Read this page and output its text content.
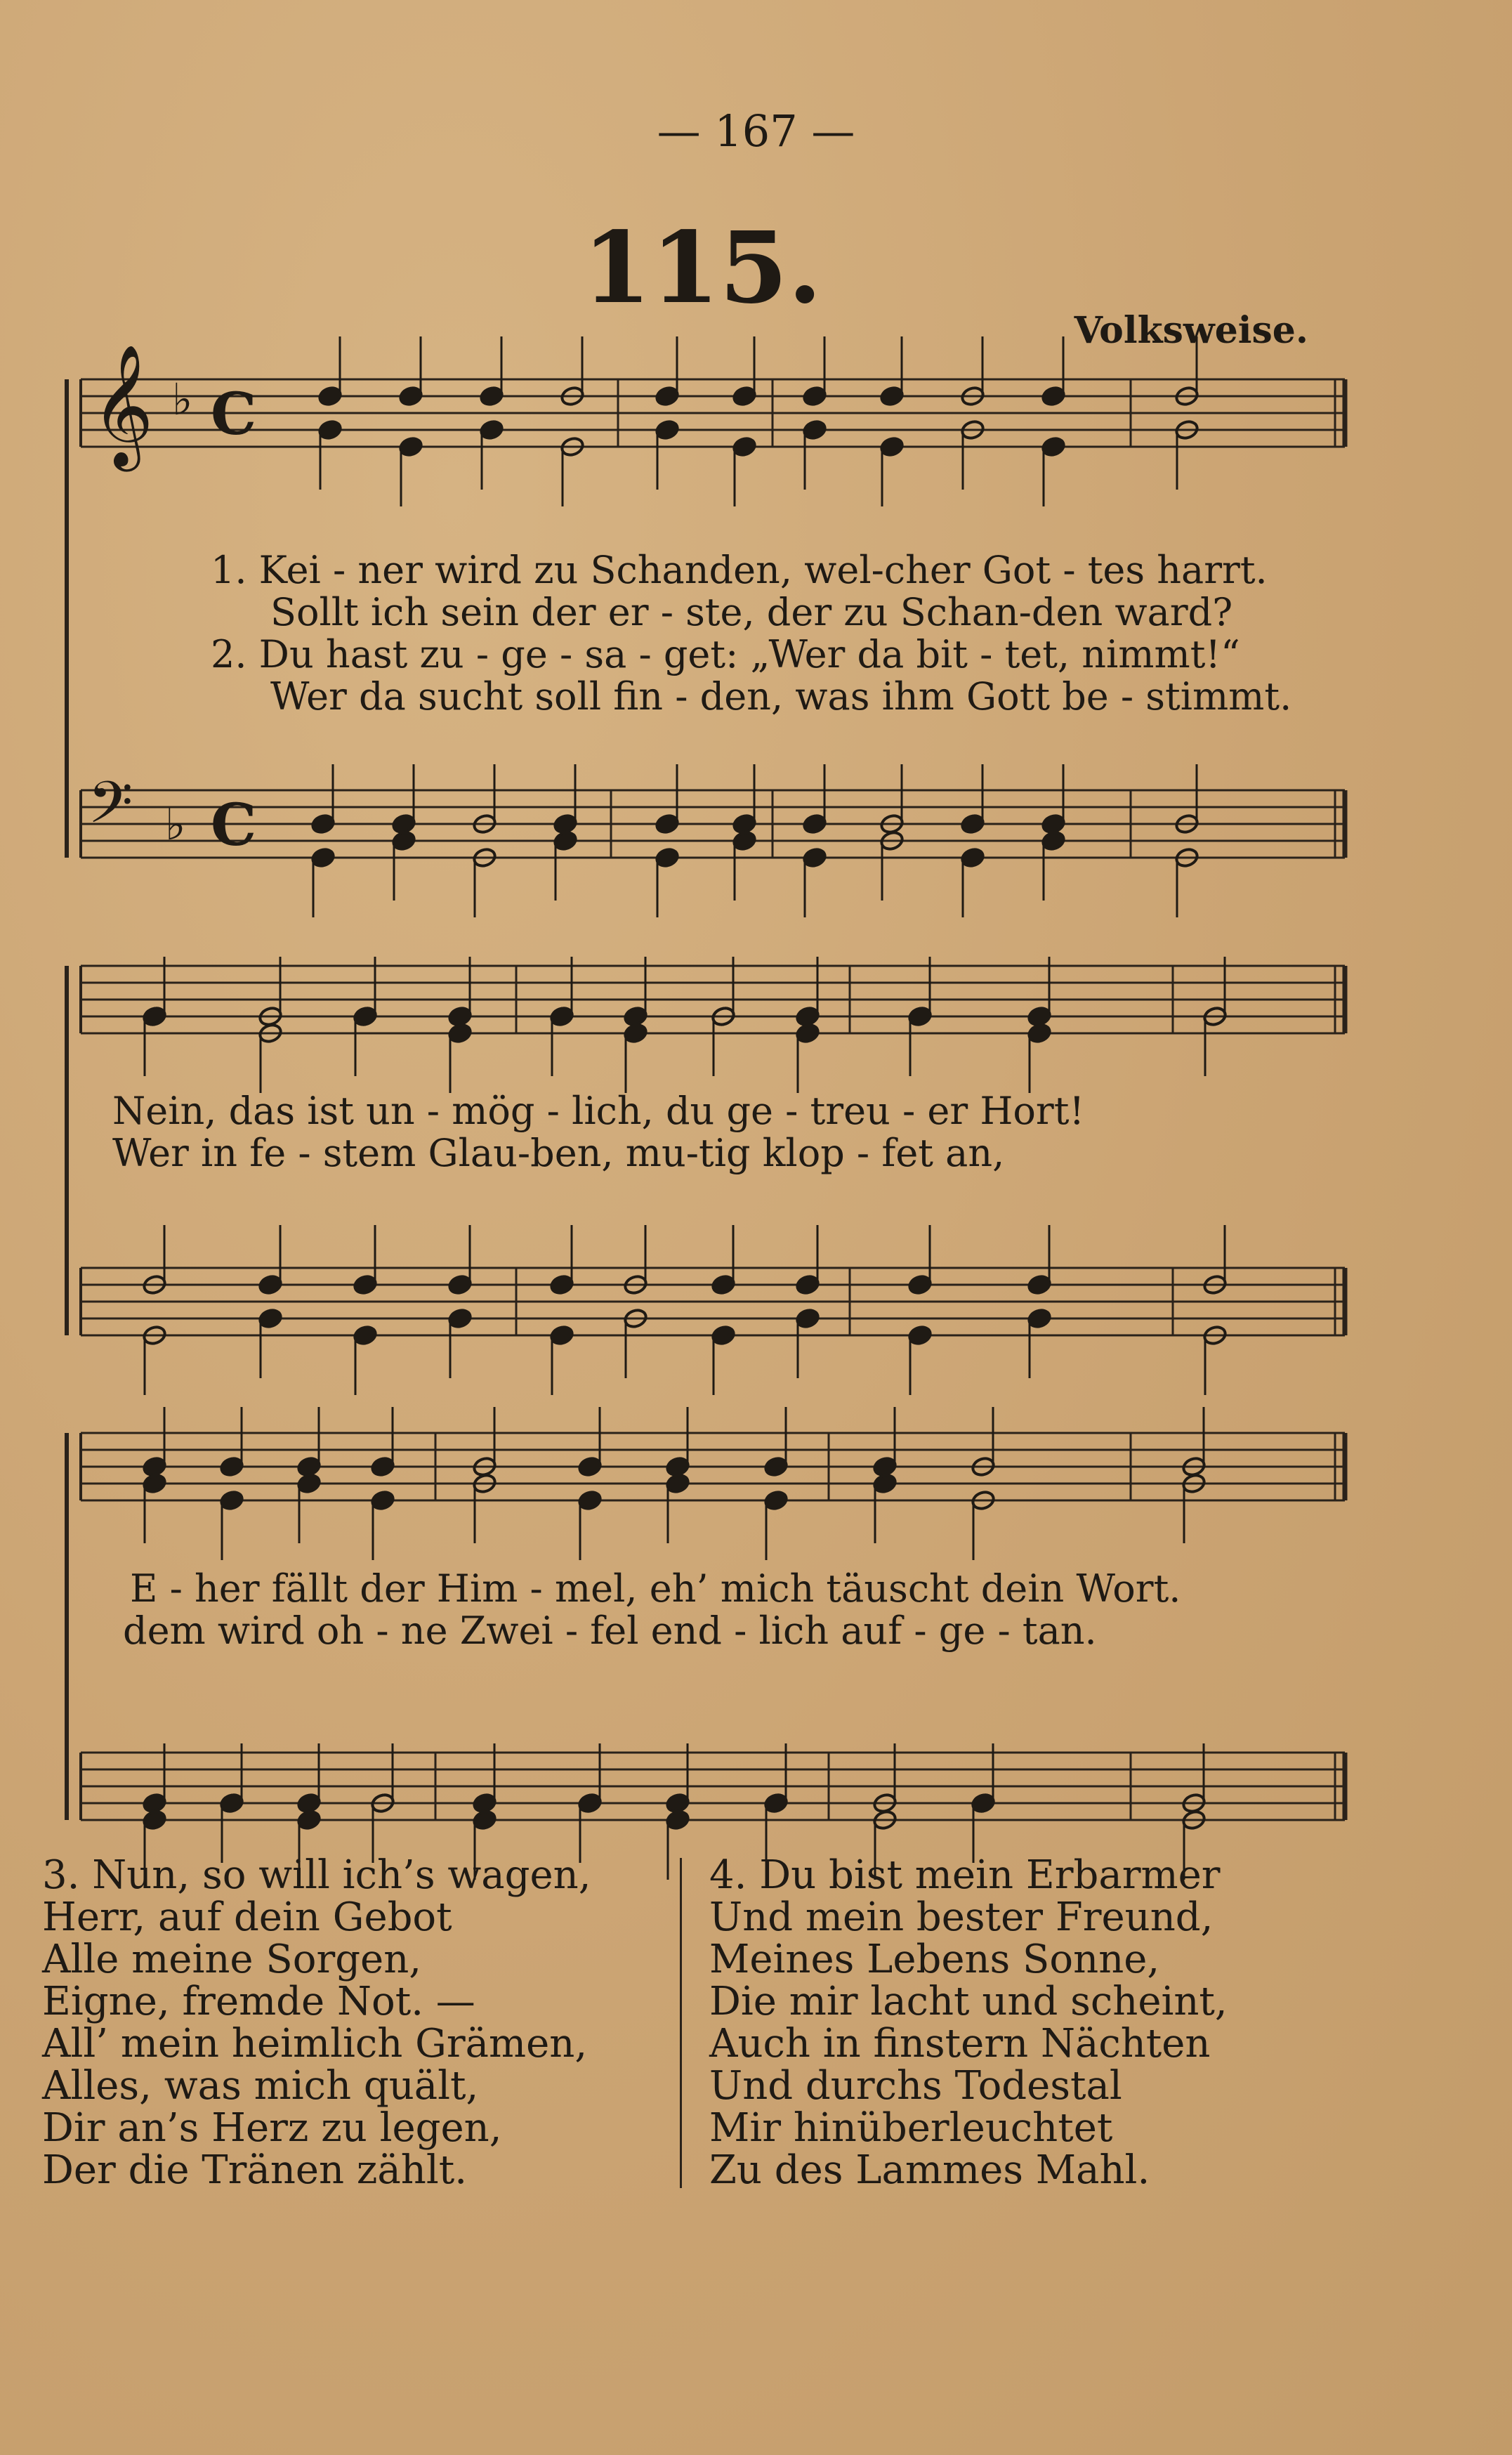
— 167 —
115.
Volksweise.
𝄞 ♭ C
𝄢 ♭ C
1. Kei - ner wird zu Schanden, wel-cher Got - tes harrt.
Sollt ich sein der er - ste, der zu Schan-den ward?
2. Du hast zu - ge - sa - get: „Wer da bit - tet, nimmt!“
Wer da sucht soll fin - den, was ihm Gott be - stimmt.
Nein, das ist un - mög - lich, du ge - treu - er Hort!
Wer in fe - stem Glau-ben, mu-tig klop - fet an,
E - her fällt der Him - mel, eh’ mich täuscht dein Wort.
dem wird oh - ne Zwei - fel end - lich auf - ge - tan.
3. Nun, so will ich’s wagen,
Herr, auf dein Gebot
Alle meine Sorgen,
Eigne, fremde Not. —
All’ mein heimlich Grämen,
Alles, was mich quält,
Dir an’s Herz zu legen,
Der die Tränen zählt.
4. Du bist mein Erbarmer
Und mein bester Freund,
Meines Lebens Sonne,
Die mir lacht und scheint,
Auch in finstern Nächten
Und durchs Todestal
Mir hinüberleuchtet
Zu des Lammes Mahl.
